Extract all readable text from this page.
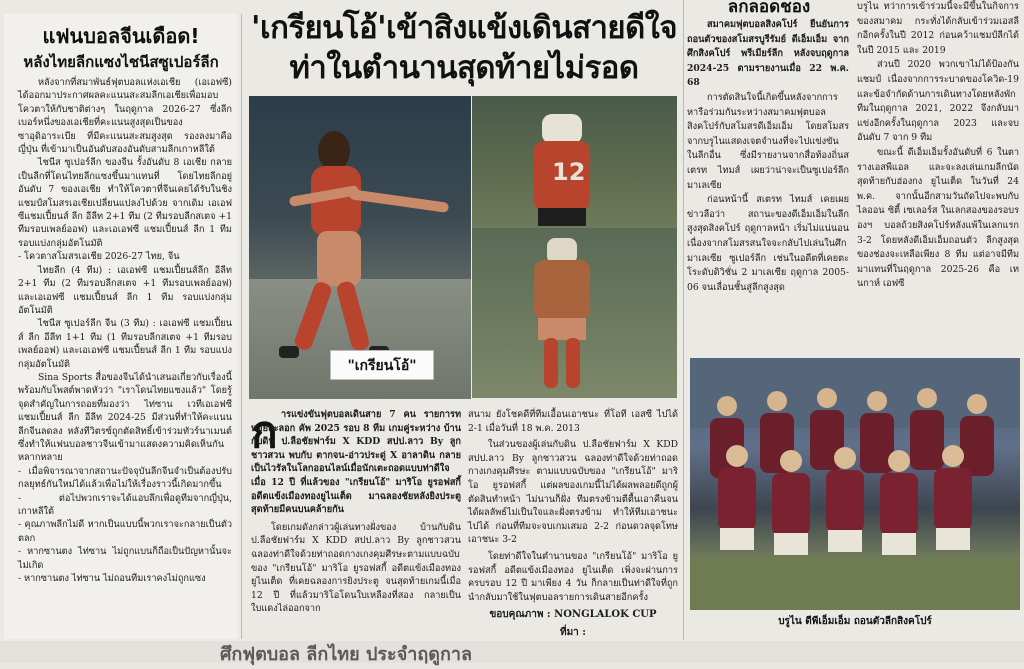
แฟนบอลจีนเดือด!
หลังไทยลีกแซงไชนีสซูเปอร์ลีก

หลังจากที่สมาพันธ์ฟุตบอลแห่งเอเชีย (เอเอฟซี) ได้ออกมาประกาศผลคะแนนสะสมลีกเอเชียเพื่อมอบโควตาให้กับชาติต่างๆ ในฤดูกาล 2026-27 ซึ่งลีกเบอร์หนึ่งของเอเชียที่คะแนนสูงสุดเป็นของซาอุดิอาระเบีย ที่มีคะแนนสะสมสูงสุด รองลงมาคือญี่ปุ่น ที่เข้ามาเป็นอันดับสองอันดับสามลีกเกาหลีใต้

ไชนีส ซูเปอร์ลีก ของจีน รั้งอันดับ 8 เอเชีย กลายเป็นลีกที่โดนไทยลีกแซงขึ้นมาแทนที่ โดยไทยลีกอยู่อันดับ 7 ของเอเชีย ทำให้โควตาที่จีนเคยได้รับในชิงแชมป์สโมสรเอเชียเปลี่ยนแปลงไปด้วย จากเดิม เอเอฟซีแชมเปี้ยนส์ ลีก อีลีท 2+1 ทีม (2 ทีมรอบลีกสเตจ +1 ทีมรอบเพลย์ออฟ) และเอเอฟซี แชมเปี้ยนส์ ลีก 1 ทีมรอบแบ่งกลุ่มอัตโนมัติ

- โควตาสโมสรเอเชีย 2026-27 ไทย, จีน

ไทยลีก (4 ทีม) : เอเอฟซี แชมเปี้ยนส์ลีก อีลีท 2+1 ทีม (2 ทีมรอบลีกสเตจ +1 ทีมรอบเพลย์ออฟ) และเอเอฟซี แชมเปี้ยนส์ ลีก 1 ทีม รอบแบ่งกลุ่มอัตโนมัติ

ไชนีส ซูเปอร์ลีก จีน (3 ทีม) : เอเอฟซี แชมเปี้ยนส์ ลีก อีลีท 1+1 ทีม (1 ทีมรอบลีกสเตจ +1 ทีมรอบเพลย์ออฟ) และเอเอฟซี แชมเปี้ยนส์ ลีก 1 ทีม รอบแบ่งกลุ่มอัตโนมัติ

Sina Sports สื่อของจีนได้นำเสนอเกี่ยวกับเรื่องนี้พร้อมกับโพสต์พาดหัวว่า "เราโดนไทยแซงแล้ว" โดยรู้จุดสำคัญในการถอยที่มองว่า ไท่ซาน เวทีเอเอฟซีแชมเปี้ยนส์ ลีก อีลีท 2024-25 มีส่วนที่ทำให้คะแนนลีกจีนลดลง หลังทีวิตรซ์ถูกตัดสิทธิ์เข้าร่วมทัวร์นาเมนต์ ซึ่งทำให้แฟนบอลชาวจีนเข้ามาแสดงความคิดเห็นกันหลากหลาย

- เมื่อพิจารณาจากสถานะปัจจุบันลีกจีนจำเป็นต้องปรับกลยุทธ์กันใหม่ได้แล้วเพื่อไม่ให้เรื่องราวนี้เกิดมากขึ้น

- ต่อไปพวกเราจะได้แอบลึกเพื่อดูทีมจากญี่ปุ่น, เกาหลีใต้

- คุณภาพลีกไม่ดี หากเป็นแบบนี้พวกเราจะกลายเป็นตัวตลก

- หากซานตง ไท่ซาน ไม่ถูกแบนก็ถือเป็นปัญหานั้นจะไม่เกิด

- หากซานตง ไท่ซาน ไม่ถอนทีมเราคงไม่ถูกแซง

'เกรียนโอ้'เข้าสิงแข้งเดินสายดีใจ
ท่าในตำนานสุดท้ายไม่รอด
"เกรียนโอ้"
12
ก ารแข่งขันฟุตบอลเดินสาย 7 คน รายการทหอยละลอก คัพ 2025 รอบ 8 ทีม เกมคู่ระหว่าง บ้านกับดิน ป.ลือชัยฟาร์ม X KDD สปป.ลาว By ลูกชาวสวน พบกับ ตากจน-อ่าวประดู่ X อาลาดิน กลายเป็นไวรัลในโลกออนไลน์เมื่อนักเตะถอดแบบท่าดีใจเมื่อ 12 ปี ที่แล้วของ "เกรียนโอ้" มาริโอ ยูรอฟสกี้ อดีตแข้งเมืองทองยูไนเต็ด มาฉลองชัยหลังยิงประตูสุดท้ายมีคนบนคล้ายกัน

โดยเกมดังกล่าวผู้เล่นทางฝั่งของ บ้านกับดิน ป.ลือชัยฟาร์ม X KDD สปป.ลาว By ลูกชาวสวน ฉลองท่าดีใจด้วยท่าถอดกางเกงคุมศีรษะตามแบบฉบับของ "เกรียนโอ้" มาริโอ ยูรอฟสกี้ อดีตแข้งเมืองทอง ยูไนเต็ด ที่เคยฉลองการยิงประตู จนสุดท้ายเกมนี้เมื่อ 12 ปี ที่แล้วมาริโอโดนใบเหลืองที่สอง กลายเป็นใบแดงไล่ออกจาก

สนาม ยังโชคดีที่ทีมเอื้อนเอาชนะ ที่โอที เอสซี ไปได้ 2-1 เมื่อวันที่ 18 พ.ค. 2013

ในส่วนของผู้เล่นกับดิน ป.ลือชัยฟาร์ม X KDD สปป.ลาว By ลูกชาวสวน ฉลองท่าดีใจด้วยท่าถอดกางเกงคุมศีรษะ ตามแบบฉบับของ "เกรียนโอ้" มาริโอ ยูรอฟสกี้ แต่ผลของเกมนี้ไม่ได้ผลพลอยดีถูกผู้ตัดสินทำหน้า ไม่นานก็ฝั่ง ทีมตรงข้ามตีตื้นเอาคืนจนได้ผลลัพธ์ไม่เป็นใจและฝั่งตรงข้าม ทำให้ทีมเอาชนะไปได้ ก่อนที่ทีมจะจบเกมเสมอ 2-2 ก่อนดวลจุดโทษเอาชนะ 3-2

โดยท่าดีใจในตำนานของ "เกรียนโอ้" มาริโอ ยูรอฟสกี้ อดีตแข้งเมืองทอง ยูไนเต็ด เพิ่งจะผ่านการครบรอบ 12 ปี มาเพียง 4 วัน ก็กลายเป็นท่าดีใจที่ถูกนำกลับมาใช้ในฟุตบอลรายการเดินสายอีกครั้ง

ขอบคุณภาพ : NONGLALOK CUP

ที่มา :

ลกลอดชอง

สมาคมฟุตบอลสิงคโปร์ ยืนยันการถอนตัวของสโมสรบูรีรัมย์ ดีเอ็มเอ็ม จากศึกสิงคโปร์ พรีเมียร์ลีก หลังจบฤดูกาล 2024-25 ตามรายงานเมื่อ 22 พ.ค. 68

การตัดสินใจนี้เกิดขึ้นหลังจากการหารือร่วมกันระหว่างสมาคมฟุตบอลสิงคโปร์กับสโมสรดีเอ็มเอ็ม โดยสโมสรจากบรูไนแสดงเจตจำนงที่จะไปแข่งขันในลีกอื่น ซึ่งมีรายงานจากสื่อท้องถิ่นสเตรท ไทมส์ เผยว่าน่าจะเป็นซูเปอร์ลีกมาเลเซีย

ก่อนหน้านี้ สเตรท ไทมส์ เคยเผยข่าวลือว่า สถานะของดีเอ็มเอ็มในลีกสูงสุดสิงคโปร์ ฤดูกาลหน้า เริ่มไม่แน่นอน เนื่องจากสโมสรสนใจจะกลับไปเล่นในศึกมาเลเซีย ซูเปอร์ลีก เช่นในอดีตที่เคยตะโระดับดิวิชั่น 2 มาเลเซีย ฤดูกาล 2005-06 จนเลื่อนชั้นสู่ลีกสูงสุด

บรูไน ทว่าการเข้าร่วมนี้จะมีขึ้นในกิจการของสมาคม กระทั่งได้กลับเข้าร่วมเอสลีกอีกครั้งในปี 2012 ก่อนคว้าแชมป์ลีกได้ในปี 2015 และ 2019

ส่วนปี 2020 พวกเขาไม่ได้ป้องกันแชมป์ เนื่องจากการระบาดของโควิด-19 และข้อจำกัดด้านการเดินทางโดยหลังพักทีมในฤดูกาล 2021, 2022 จึงกลับมาแข่งอีกครั้งในฤดูกาล 2023 และจบอันดับ 7 จาก 9 ทีม

ขณะนี้ ดีเอ็มเอ็มรั้งอันดับที่ 6 ในตารางเอสพีแอล และจะลงเล่นเกมลีกนัดสุดท้ายกับฮ่องกง ยูไนเต็ด ในวันที่ 24 พ.ค. จากนั้นอีกสามวันถัดไปจะพบกับไลออน ซิตี้ เซเลอร์ส ในเลกสองของรอบรองฯ บอลถ้วยสิงคโปร์หลังแพ้ในเลกแรก 3-2 โดยหลังดีเอ็มเอ็มถอนตัว ลีกสูงสุดของช่องจะเหลือเพียง 8 ทีม แต่อาจมีทีมมาแทนที่ในฤดูกาล 2025-26 คือ เทนกาห์ เอฟซี

บรูไน ดีพีเอ็มเอ็ม ถอนตัวลีกสิงคโปร์
ศึกฟุตบอล ลีกไทย ประจำฤดูกาล
